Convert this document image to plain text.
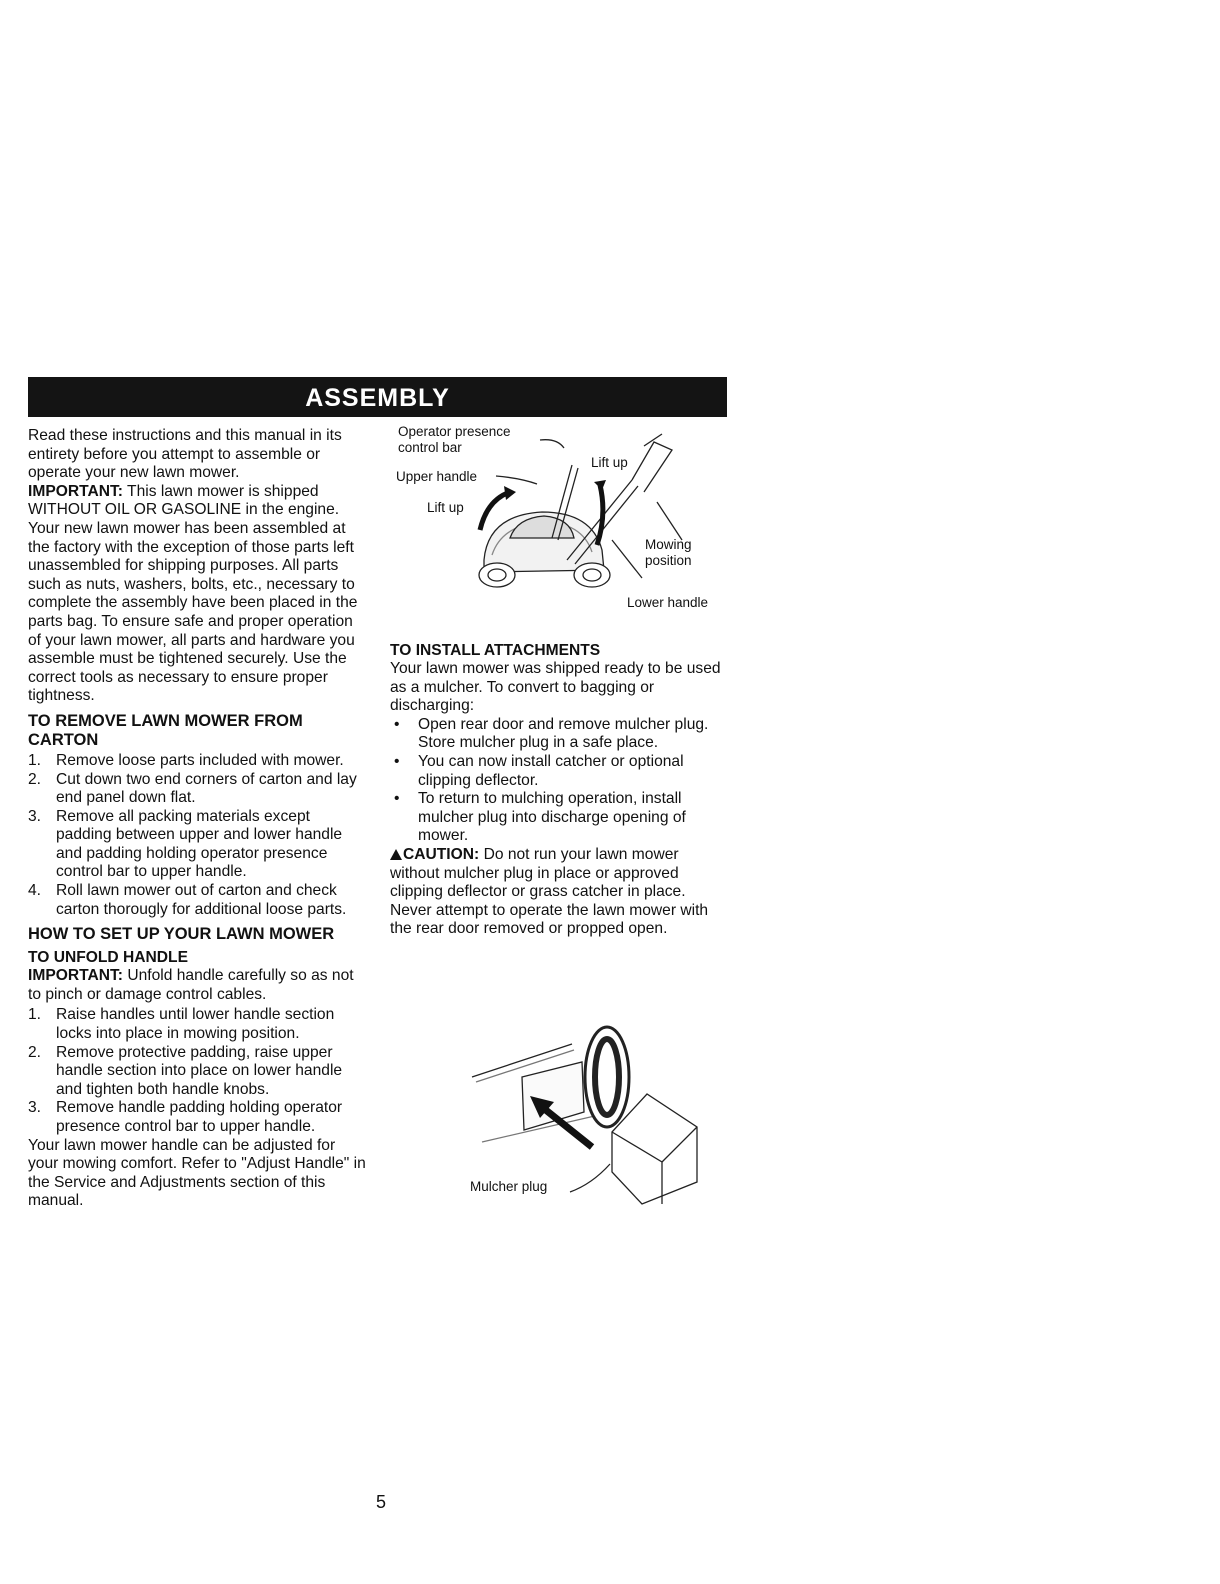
ASSEMBLY

Read these instructions and this manual in its entirety before you attempt to assemble or operate your new lawn mower.

IMPORTANT: This lawn mower is shipped WITHOUT OIL OR GASOLINE in the engine.

Your new lawn mower has been assembled at the factory with the exception of those parts left unassembled for shipping purposes. All parts such as nuts, washers, bolts, etc., necessary to complete the assembly have been placed in the parts bag. To ensure safe and proper operation of your lawn mower, all parts and hardware you assemble must be tightened securely. Use the correct tools as necessary to ensure proper tightness.

TO REMOVE LAWN MOWER FROM CARTON
1. Remove loose parts included with mower.
2. Cut down two end corners of carton and lay end panel down flat.
3. Remove all packing materials except padding between upper and lower handle and padding holding operator presence control bar to upper handle.
4. Roll lawn mower out of carton and check carton thorougly for additional loose parts.
HOW TO SET UP YOUR LAWN MOWER
TO UNFOLD HANDLE

IMPORTANT: Unfold handle carefully so as not to pinch or damage control cables.

1. Raise handles until lower handle section locks into place in mowing position.
2. Remove protective padding, raise upper handle section into place on lower handle and tighten both handle knobs.
3. Remove handle padding holding operator presence control bar to upper handle.

Your lawn mower handle can be adjusted for your mowing comfort. Refer to "Adjust Handle" in the Service and Adjustments section of this manual.

Operator presence
control bar
Upper handle
Lift up
Lift up
Mowing
position
Lower handle
TO INSTALL ATTACHMENTS

Your lawn mower was shipped ready to be used as a mulcher. To convert to bagging or discharging:

• Open rear door and remove mulcher plug. Store mulcher plug in a safe place.
• You can now install catcher or optional clipping deflector.
• To return to mulching operation, install mulcher plug into discharge opening of mower.

CAUTION: Do not run your lawn mower without mulcher plug in place or approved clipping deflector or grass catcher in place. Never attempt to operate the lawn mower with the rear door removed or propped open.

Mulcher plug
5
